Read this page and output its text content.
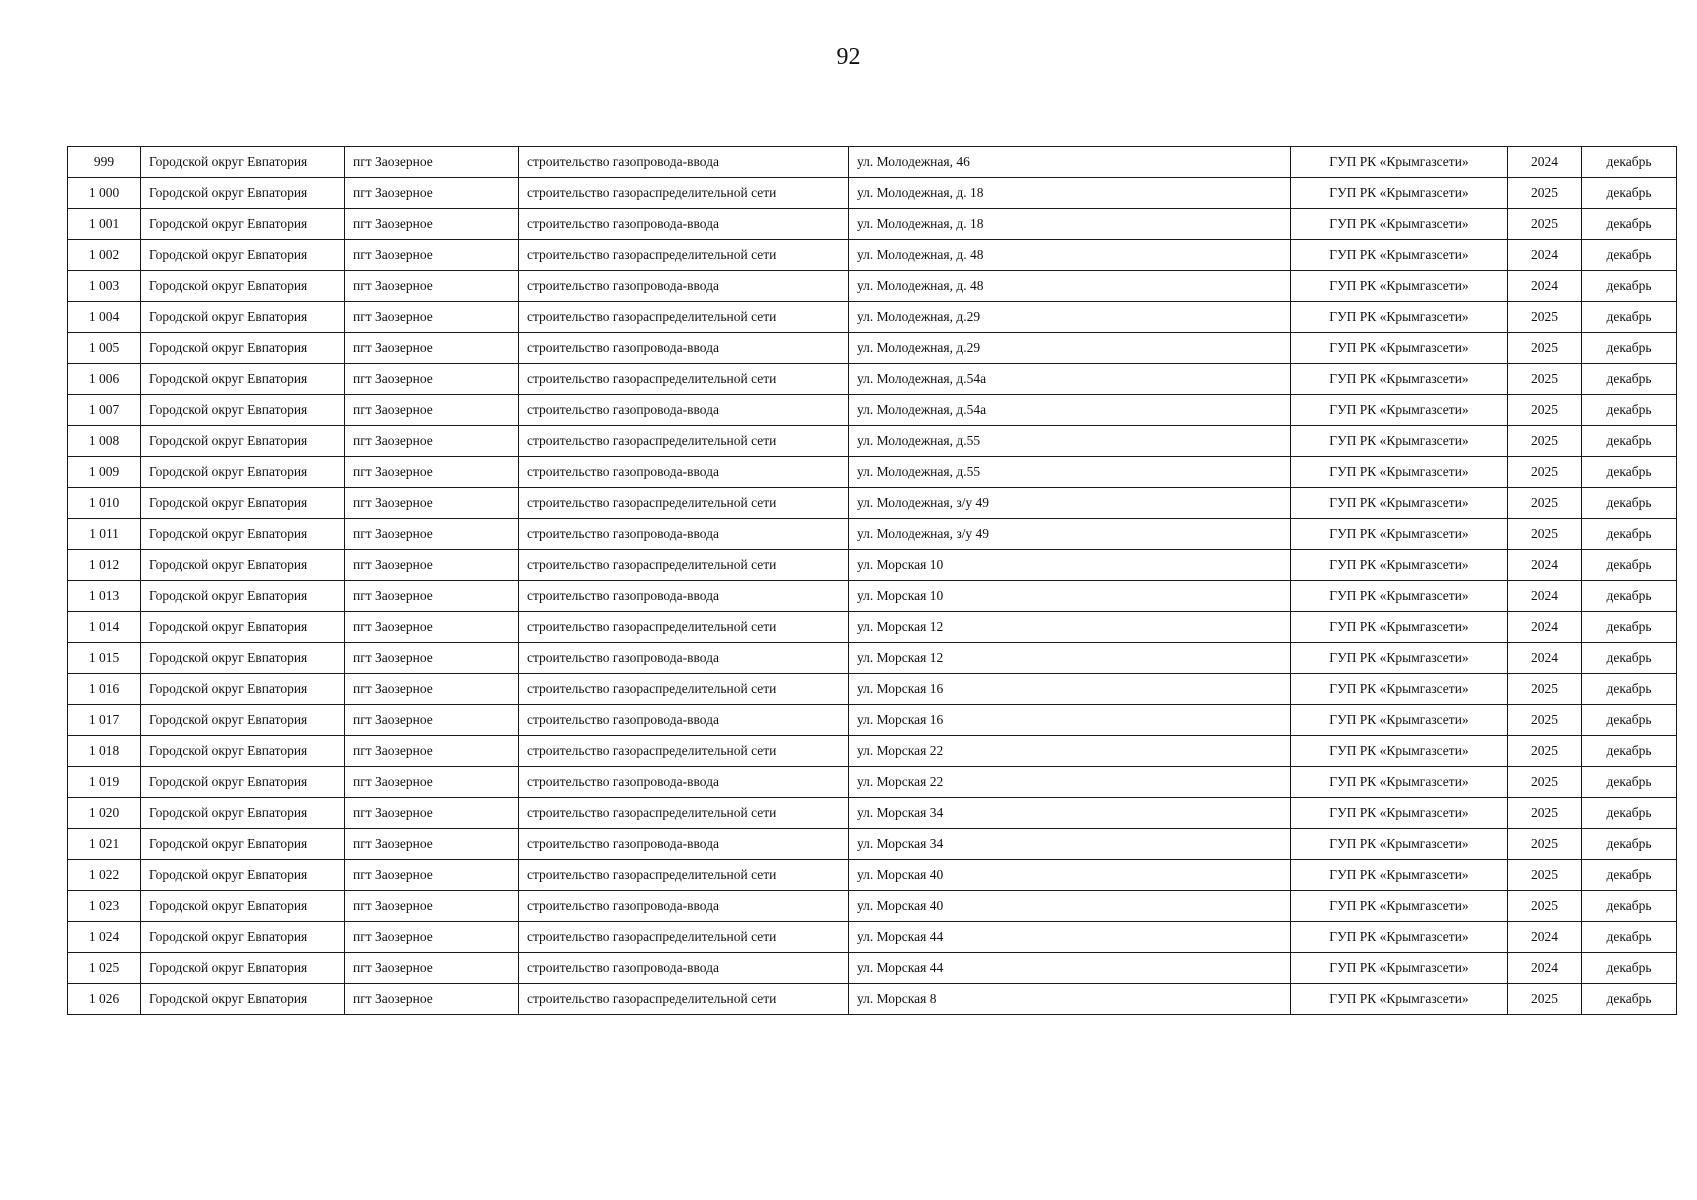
92
999	Городской округ Евпатория	пгт Заозерное	строительство газопровода-ввода	ул. Молодежная, 46	ГУП РК «Крымгазсети»	2024	декабрь
1 000	Городской округ Евпатория	пгт Заозерное	строительство газораспределительной сети	ул. Молодежная, д. 18	ГУП РК «Крымгазсети»	2025	декабрь
1 001	Городской округ Евпатория	пгт Заозерное	строительство газопровода-ввода	ул. Молодежная, д. 18	ГУП РК «Крымгазсети»	2025	декабрь
1 002	Городской округ Евпатория	пгт Заозерное	строительство газораспределительной сети	ул. Молодежная, д. 48	ГУП РК «Крымгазсети»	2024	декабрь
1 003	Городской округ Евпатория	пгт Заозерное	строительство газопровода-ввода	ул. Молодежная, д. 48	ГУП РК «Крымгазсети»	2024	декабрь
1 004	Городской округ Евпатория	пгт Заозерное	строительство газораспределительной сети	ул. Молодежная, д.29	ГУП РК «Крымгазсети»	2025	декабрь
1 005	Городской округ Евпатория	пгт Заозерное	строительство газопровода-ввода	ул. Молодежная, д.29	ГУП РК «Крымгазсети»	2025	декабрь
1 006	Городской округ Евпатория	пгт Заозерное	строительство газораспределительной сети	ул. Молодежная, д.54а	ГУП РК «Крымгазсети»	2025	декабрь
1 007	Городской округ Евпатория	пгт Заозерное	строительство газопровода-ввода	ул. Молодежная, д.54а	ГУП РК «Крымгазсети»	2025	декабрь
1 008	Городской округ Евпатория	пгт Заозерное	строительство газораспределительной сети	ул. Молодежная, д.55	ГУП РК «Крымгазсети»	2025	декабрь
1 009	Городской округ Евпатория	пгт Заозерное	строительство газопровода-ввода	ул. Молодежная, д.55	ГУП РК «Крымгазсети»	2025	декабрь
1 010	Городской округ Евпатория	пгт Заозерное	строительство газораспределительной сети	ул. Молодежная, з/у 49	ГУП РК «Крымгазсети»	2025	декабрь
1 011	Городской округ Евпатория	пгт Заозерное	строительство газопровода-ввода	ул. Молодежная, з/у 49	ГУП РК «Крымгазсети»	2025	декабрь
1 012	Городской округ Евпатория	пгт Заозерное	строительство газораспределительной сети	ул. Морская 10	ГУП РК «Крымгазсети»	2024	декабрь
1 013	Городской округ Евпатория	пгт Заозерное	строительство газопровода-ввода	ул. Морская 10	ГУП РК «Крымгазсети»	2024	декабрь
1 014	Городской округ Евпатория	пгт Заозерное	строительство газораспределительной сети	ул. Морская 12	ГУП РК «Крымгазсети»	2024	декабрь
1 015	Городской округ Евпатория	пгт Заозерное	строительство газопровода-ввода	ул. Морская 12	ГУП РК «Крымгазсети»	2024	декабрь
1 016	Городской округ Евпатория	пгт Заозерное	строительство газораспределительной сети	ул. Морская 16	ГУП РК «Крымгазсети»	2025	декабрь
1 017	Городской округ Евпатория	пгт Заозерное	строительство газопровода-ввода	ул. Морская 16	ГУП РК «Крымгазсети»	2025	декабрь
1 018	Городской округ Евпатория	пгт Заозерное	строительство газораспределительной сети	ул. Морская 22	ГУП РК «Крымгазсети»	2025	декабрь
1 019	Городской округ Евпатория	пгт Заозерное	строительство газопровода-ввода	ул. Морская 22	ГУП РК «Крымгазсети»	2025	декабрь
1 020	Городской округ Евпатория	пгт Заозерное	строительство газораспределительной сети	ул. Морская 34	ГУП РК «Крымгазсети»	2025	декабрь
1 021	Городской округ Евпатория	пгт Заозерное	строительство газопровода-ввода	ул. Морская 34	ГУП РК «Крымгазсети»	2025	декабрь
1 022	Городской округ Евпатория	пгт Заозерное	строительство газораспределительной сети	ул. Морская 40	ГУП РК «Крымгазсети»	2025	декабрь
1 023	Городской округ Евпатория	пгт Заозерное	строительство газопровода-ввода	ул. Морская 40	ГУП РК «Крымгазсети»	2025	декабрь
1 024	Городской округ Евпатория	пгт Заозерное	строительство газораспределительной сети	ул. Морская 44	ГУП РК «Крымгазсети»	2024	декабрь
1 025	Городской округ Евпатория	пгт Заозерное	строительство газопровода-ввода	ул. Морская 44	ГУП РК «Крымгазсети»	2024	декабрь
1 026	Городской округ Евпатория	пгт Заозерное	строительство газораспределительной сети	ул. Морская 8	ГУП РК «Крымгазсети»	2025	декабрь
